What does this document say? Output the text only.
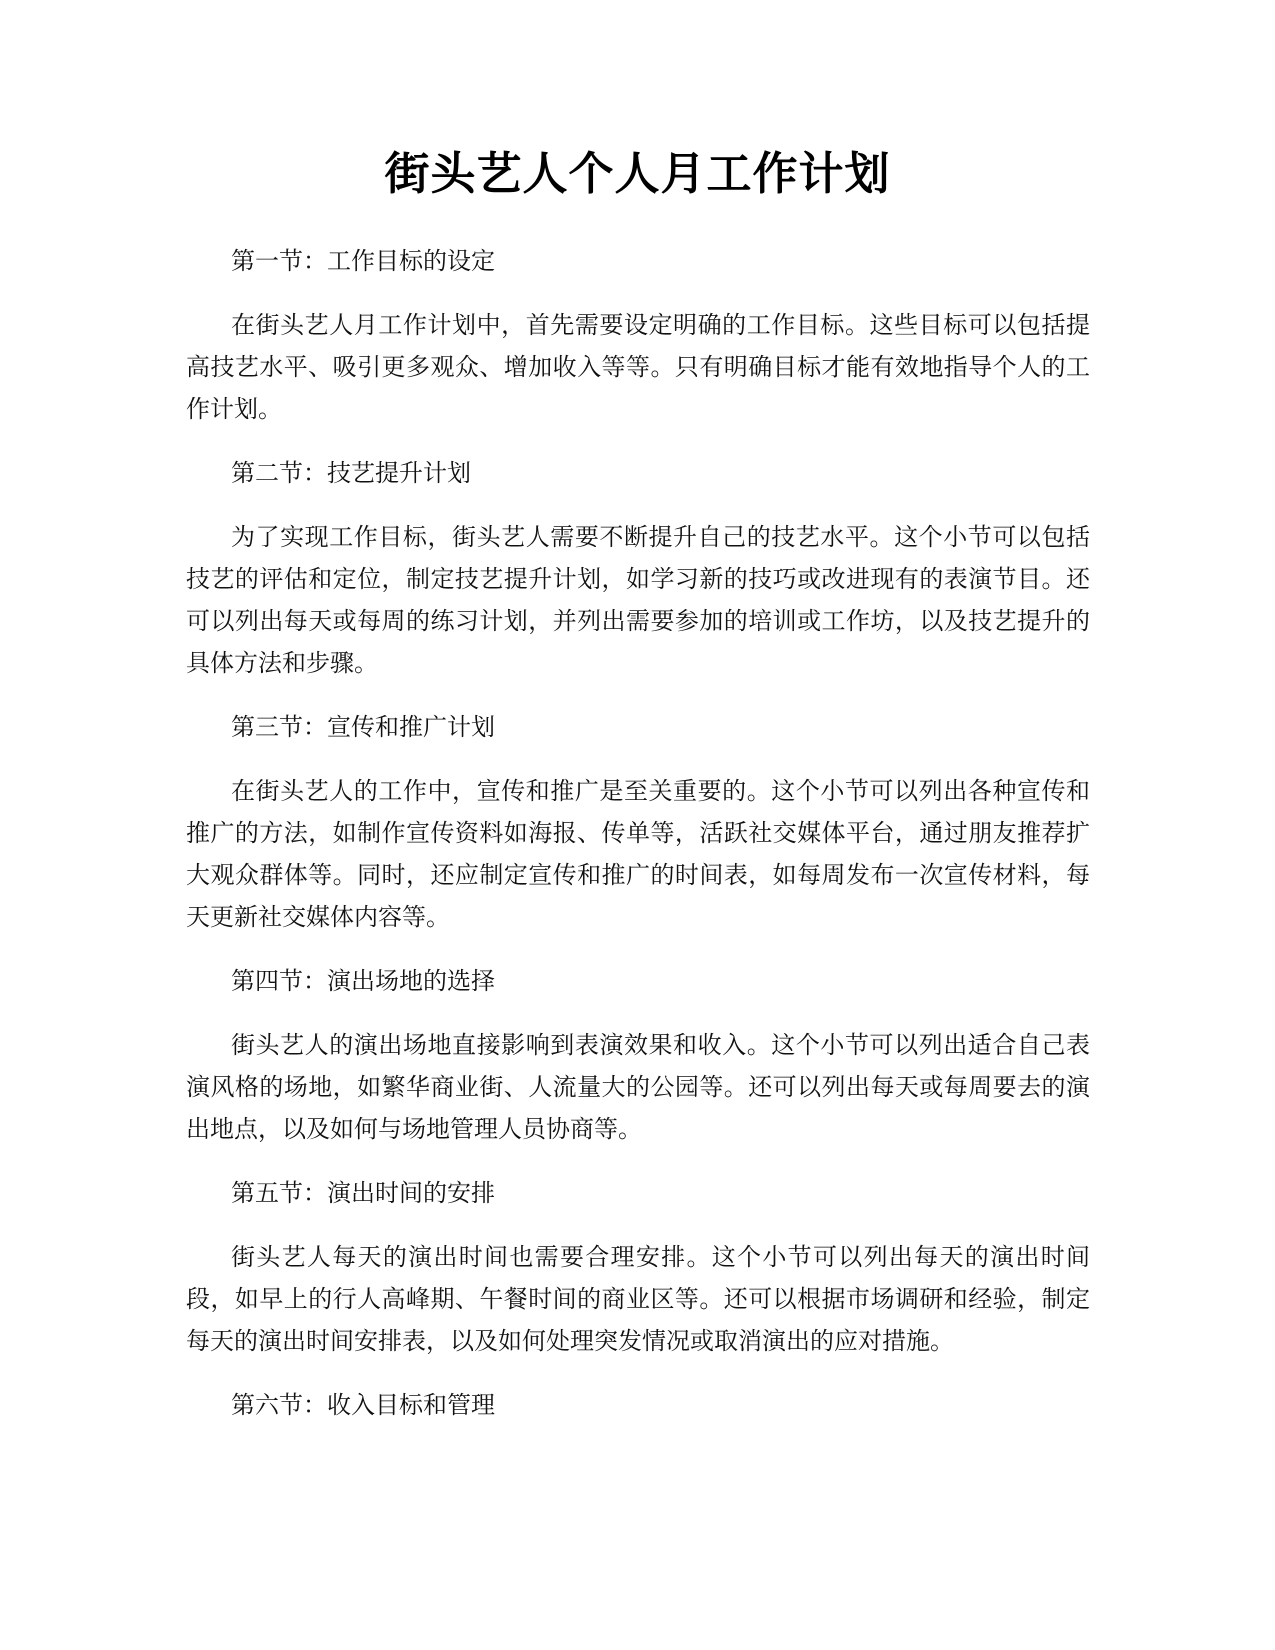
街头艺人个人月工作计划
第一节：工作目标的设定

在街头艺人月工作计划中，首先需要设定明确的工作目标。这些目标可以包括提高技艺水平、吸引更多观众、增加收入等等。只有明确目标才能有效地指导个人的工作计划。

第二节：技艺提升计划

为了实现工作目标，街头艺人需要不断提升自己的技艺水平。这个小节可以包括技艺的评估和定位，制定技艺提升计划，如学习新的技巧或改进现有的表演节目。还可以列出每天或每周的练习计划，并列出需要参加的培训或工作坊，以及技艺提升的具体方法和步骤。

第三节：宣传和推广计划

在街头艺人的工作中，宣传和推广是至关重要的。这个小节可以列出各种宣传和推广的方法，如制作宣传资料如海报、传单等，活跃社交媒体平台，通过朋友推荐扩大观众群体等。同时，还应制定宣传和推广的时间表，如每周发布一次宣传材料，每天更新社交媒体内容等。

第四节：演出场地的选择

街头艺人的演出场地直接影响到表演效果和收入。这个小节可以列出适合自己表演风格的场地，如繁华商业街、人流量大的公园等。还可以列出每天或每周要去的演出地点，以及如何与场地管理人员协商等。

第五节：演出时间的安排

街头艺人每天的演出时间也需要合理安排。这个小节可以列出每天的演出时间段，如早上的行人高峰期、午餐时间的商业区等。还可以根据市场调研和经验，制定每天的演出时间安排表，以及如何处理突发情况或取消演出的应对措施。

第六节：收入目标和管理
